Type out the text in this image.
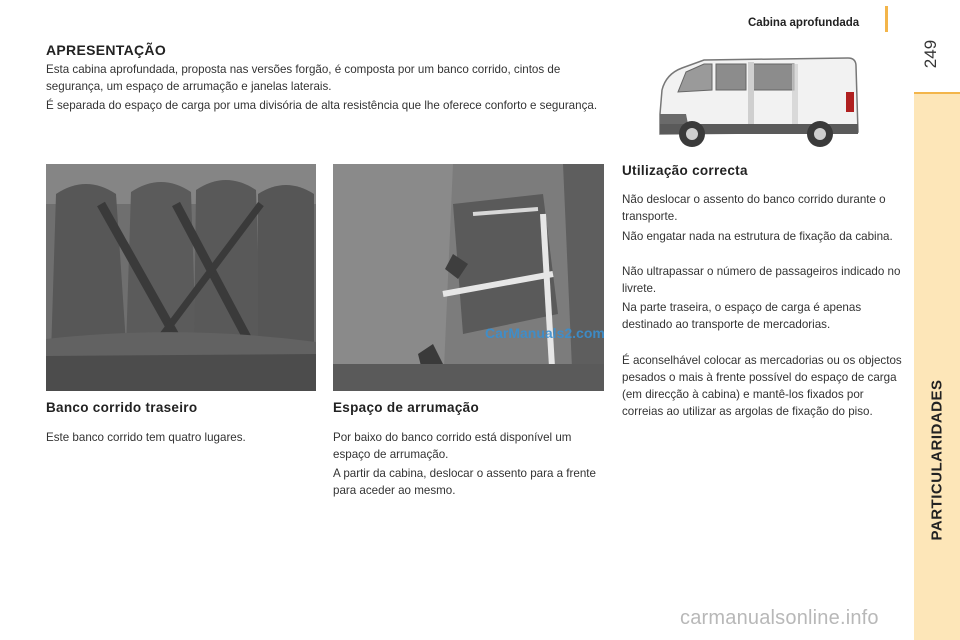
Cabina aprofundada
249
PARTICULARIDADES
APRESENTAÇÃO

Esta cabina aprofundada, proposta nas versões forgão, é composta por um banco corrido, cintos de segurança, um espaço de arrumação e janelas laterais.

É separada do espaço de carga por uma divisória de alta resistência que lhe oferece conforto e segurança.

CarManuals2.com
Banco corrido traseiro

Este banco corrido tem quatro lugares.

Espaço de arrumação

Por baixo do banco corrido está disponível um espaço de arrumação.

A partir da cabina, deslocar o assento para a frente para aceder ao mesmo.

Utilização correcta

Não deslocar o assento do banco corrido durante o transporte.

Não engatar nada na estrutura de fixação da cabina.

Não ultrapassar o número de passageiros indicado no livrete.

Na parte traseira, o espaço de carga é apenas destinado ao transporte de mercadorias.

É aconselhável colocar as mercadorias ou os objectos pesados o mais à frente possível do espaço de carga (em direcção à cabina) e mantê-los fixados por correias ao utilizar as argolas de fixação do piso.

carmanualsonline.info
